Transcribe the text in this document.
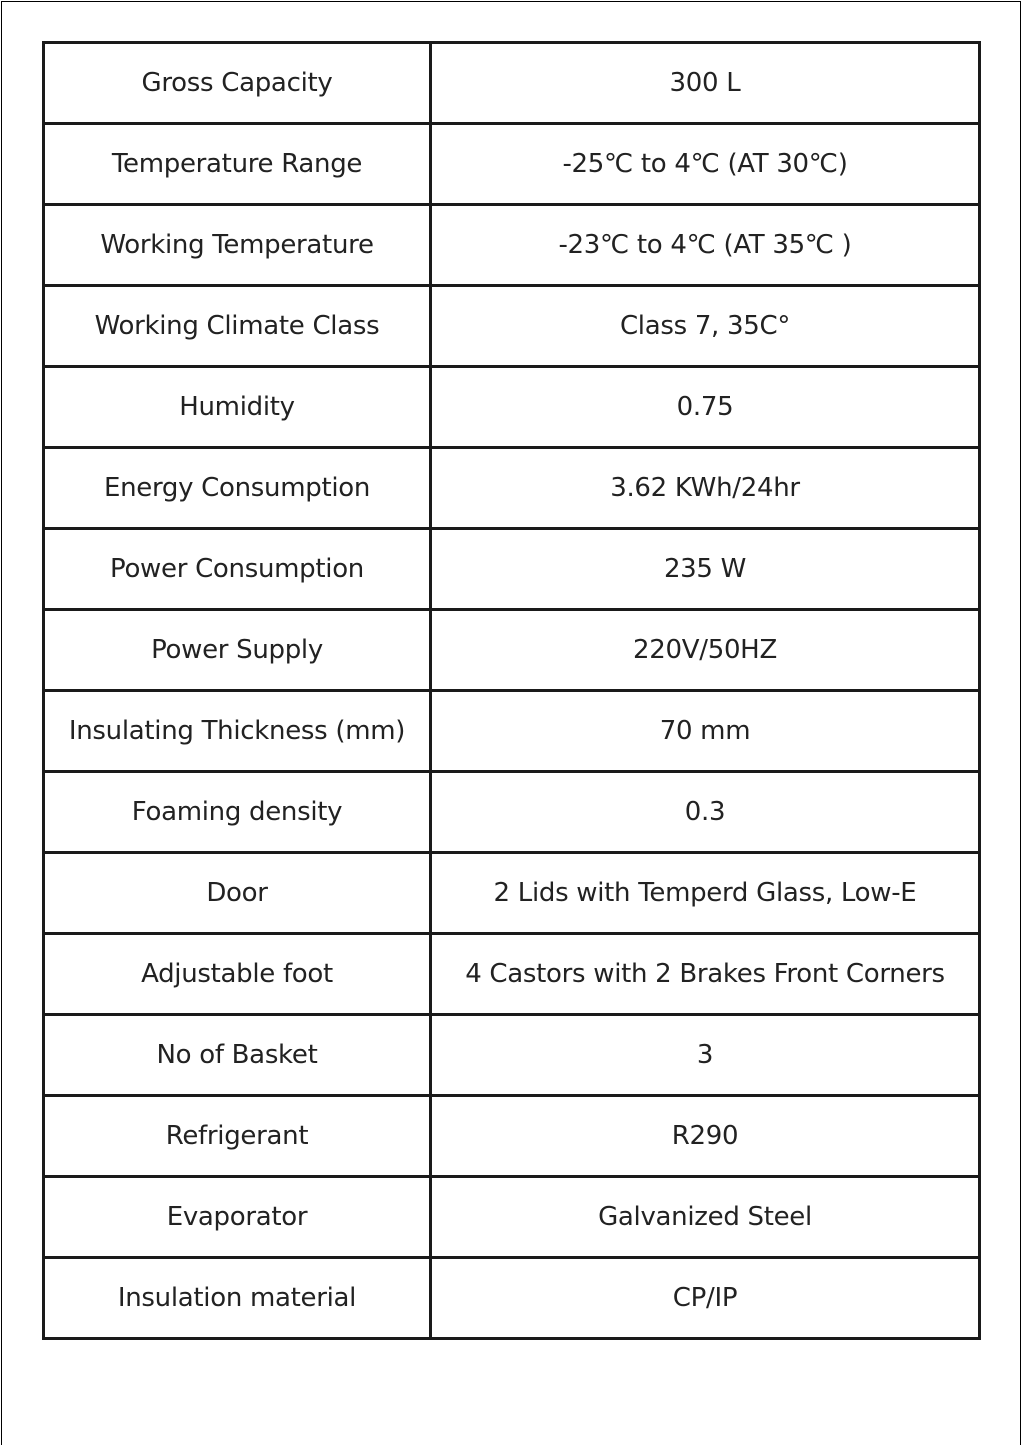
Gross Capacity	300 L
Temperature Range	-25℃ to 4℃ (AT 30℃)
Working Temperature	-23℃ to 4℃ (AT 35℃ )
Working Climate Class	Class 7, 35C°
Humidity	0.75
Energy Consumption	3.62 KWh/24hr
Power Consumption	235 W
Power Supply	220V/50HZ
Insulating Thickness (mm)	70 mm
Foaming density	0.3
Door	2 Lids with Temperd Glass, Low-E
Adjustable foot	4 Castors with 2 Brakes Front Corners
No of Basket	3
Refrigerant	R290
Evaporator	Galvanized Steel
Insulation material	CP/IP
